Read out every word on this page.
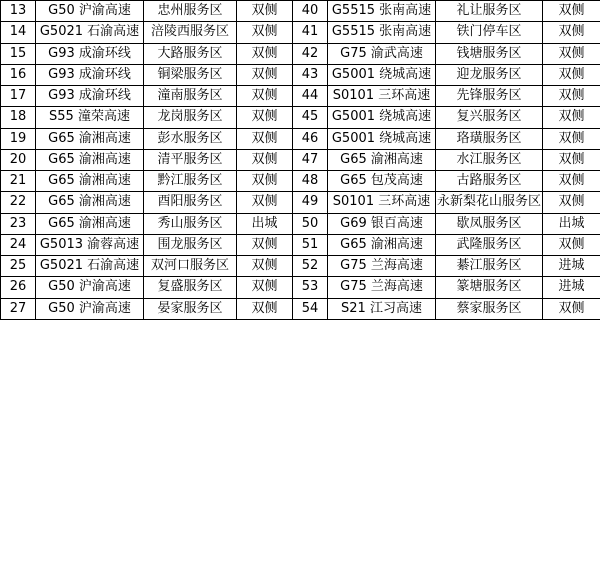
13	G50 沪渝高速	忠州服务区	双侧	40	G5515 张南高速	礼让服务区	双侧
14	G5021 石渝高速	涪陵西服务区	双侧	41	G5515 张南高速	铁门停车区	双侧
15	G93 成渝环线	大路服务区	双侧	42	G75 渝武高速	钱塘服务区	双侧
16	G93 成渝环线	铜梁服务区	双侧	43	G5001 绕城高速	迎龙服务区	双侧
17	G93 成渝环线	潼南服务区	双侧	44	S0101 三环高速	先锋服务区	双侧
18	S55 潼荣高速	龙岗服务区	双侧	45	G5001 绕城高速	复兴服务区	双侧
19	G65 渝湘高速	彭水服务区	双侧	46	G5001 绕城高速	珞璜服务区	双侧
20	G65 渝湘高速	清平服务区	双侧	47	G65 渝湘高速	水江服务区	双侧
21	G65 渝湘高速	黔江服务区	双侧	48	G65 包茂高速	古路服务区	双侧
22	G65 渝湘高速	酉阳服务区	双侧	49	S0101 三环高速	永新梨花山服务区	双侧
23	G65 渝湘高速	秀山服务区	出城	50	G69 银百高速	歇凤服务区	出城
24	G5013 渝蓉高速	围龙服务区	双侧	51	G65 渝湘高速	武隆服务区	双侧
25	G5021 石渝高速	双河口服务区	双侧	52	G75 兰海高速	綦江服务区	进城
26	G50 沪渝高速	复盛服务区	双侧	53	G75 兰海高速	篆塘服务区	进城
27	G50 沪渝高速	晏家服务区	双侧	54	S21 江习高速	蔡家服务区	双侧
